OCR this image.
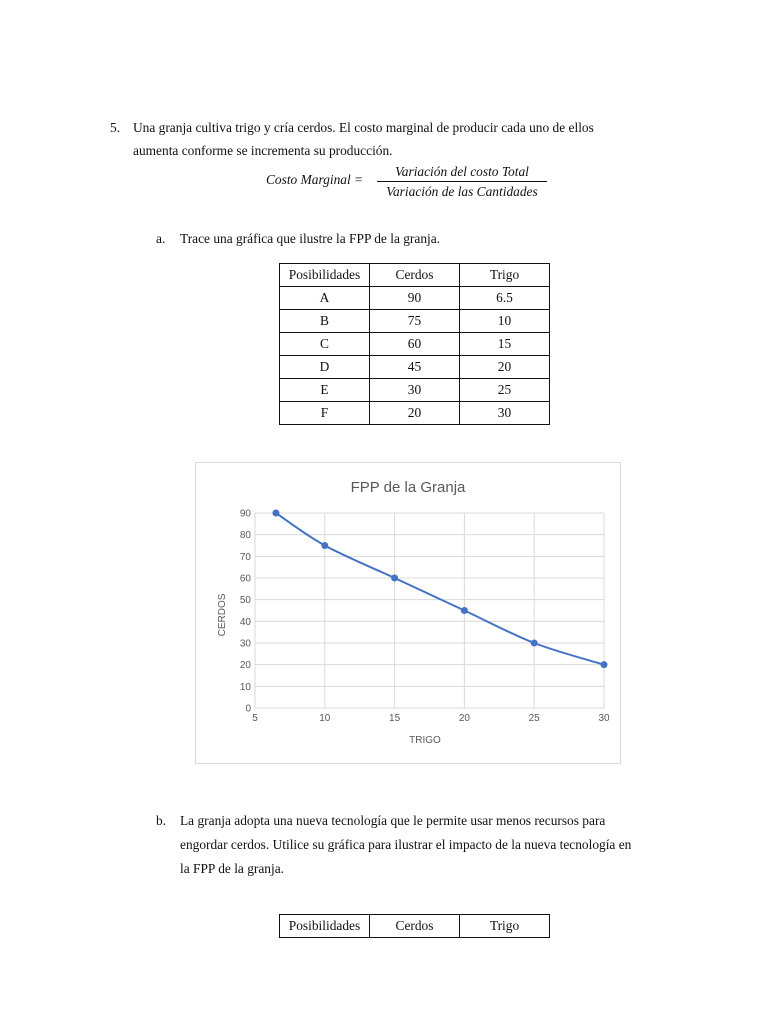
5. Una granja cultiva trigo y cría cerdos. El costo marginal de producir cada uno de ellos
aumenta conforme se incrementa su producción.
Costo Marginal =
Variación del costo Total
Variación de las Cantidades
a. Trace una gráfica que ilustre la FPP de la granja.
Posibilidades	Cerdos	Trigo
A	90	6.5
B	75	10
C	60	15
D	45	20
E	30	25
F	20	30
FPP de la Granja
0
10
20
30
40
50
60
70
80
90
5	10	15	20	25	30
TRIGO
CERDOS
b. La granja adopta una nueva tecnología que le permite usar menos recursos para
engordar cerdos. Utilice su gráfica para ilustrar el impacto de la nueva tecnología en
la FPP de la granja.
Posibilidades	Cerdos	Trigo
